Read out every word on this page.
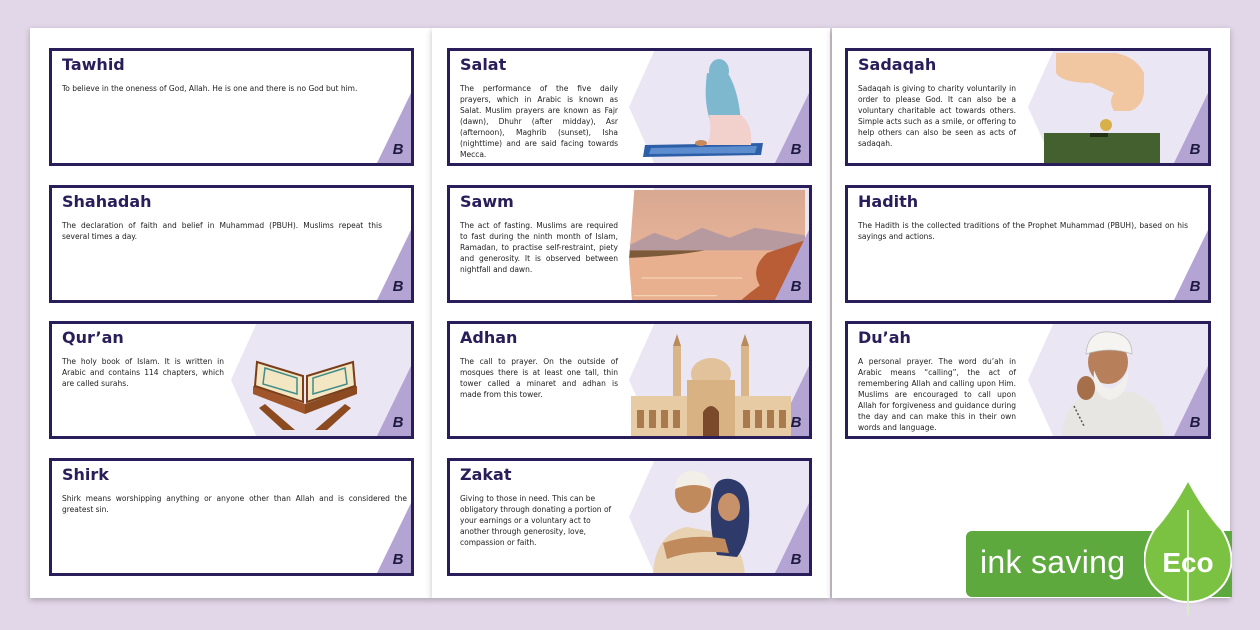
B
Tawhid

To believe in the oneness of God, Allah. He is one and there is no God but him.

B
Shahadah

The declaration of faith and belief in Muhammad (PBUH). Muslims repeat this several times a day.

B
Qur’an

The holy book of Islam. It is written in Arabic and contains 114 chapters, which are called surahs.

B
Shirk

Shirk means worshipping anything or anyone other than Allah and is considered the greatest sin.

B
Salat

The performance of the five daily prayers, which in Arabic is known as Salat. Muslim prayers are known as Fajr (dawn), Dhuhr (after midday), Asr (afternoon), Maghrib (sunset), Isha (nighttime) and are said facing towards Mecca.

B
Sawm

The act of fasting. Muslims are required to fast during the ninth month of Islam, Ramadan, to practise self-restraint, piety and generosity. It is observed between nightfall and dawn.

B
Adhan

The call to prayer. On the outside of mosques there is at least one tall, thin tower called a minaret and adhan is made from this tower.

B
Zakat

Giving to those in need. This can be obligatory through donating a portion of your earnings or a voluntary act to another through generosity, love, compassion or faith.

B
Sadaqah

Sadaqah is giving to charity voluntarily in order to please God. It can also be a voluntary charitable act towards others. Simple acts such as a smile, or offering to help others can also be seen as acts of sadaqah.

B
Hadith

The Hadith is the collected traditions of the Prophet Muhammad (PBUH), based on his sayings and actions.

B
Du’ah

A personal prayer. The word du’ah in Arabic means “calling”, the act of remembering Allah and calling upon Him. Muslims are encouraged to call upon Allah for forgiveness and guidance during the day and can make this in their own words and language.

ink saving Eco
